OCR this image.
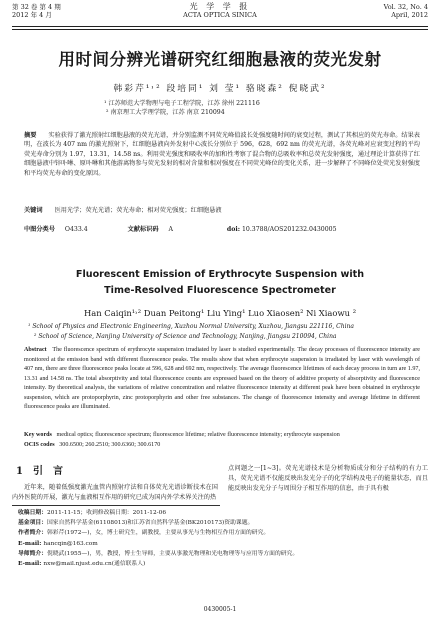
第 32 卷 第 4 期
2012 年 4 月
光 学 学 报
ACTA OPTICA SINICA
Vol. 32, No. 4
April, 2012
用时间分辨光谱研究红细胞悬液的荧光发射
韩彩芹¹˒² 段培同¹ 刘 莹¹ 骆晓森² 倪晓武²
¹ 江苏师范大学物理与电子工程学院，江苏 徐州 221116
² 南京理工大学理学院，江苏 南京 210094
摘要 实验获得了激光照射红细胞悬液的荧光光谱，并分别监测不同荧光峰值波长处强度随时间的衰变过程，测试了其相应的荧光寿命。结果表明，在波长为 407 nm 的激光照射下，红细胞悬液向外发射中心波长分别位于 596，628，692 nm 的荧光光谱，各荧光峰对应衰变过程的平均荧光寿命分别为 1.97，13.31，14.58 ns。利用荧光强度和吸收率的加和性考察了混合物的总吸收率和总荧光发射强度，通过理论计算获得了红细胞悬液中锌卟啉、原卟啉和其他游离物参与荧光发射的相对含量和相对强度在不同荧光峰位的变化关系，进一步解释了不同峰位处荧光发射强度和平均荧光寿命的变化原因。
关键词 医用光学；荧光光谱；荧光寿命；相对荧光强度；红细胞悬液
中图分类号 O433.4	文献标识码 A	doi: 10.3788/AOS201232.0430005
Fluorescent Emission of Erythrocyte Suspension with
Time-Resolved Fluorescence Spectrometer
Han Caiqin¹˒² Duan Peitong¹ Liu Ying¹ Luo Xiaosen² Ni Xiaowu ²
¹ School of Physics and Electronic Engineering, Xuzhou Normal University, Xuzhou, Jiangsu 221116, China
² School of Science, Nanjing University of Science and Technology, Nanjing, Jiangsu 210094, China
Abstract The fluorescence spectrum of erythrocyte suspension irradiated by laser is studied experimentally. The decay processes of fluorescence intensity are monitored at the emission band with different fluorescence peaks. The results show that when erythrocyte suspension is irradiated by laser with wavelength of 407 nm, there are three fluorescence peaks locate at 596, 628 and 692 nm, respectively. The average fluorescence lifetimes of each decay process in turn are 1.97, 13.31 and 14.58 ns. The total absorptivity and total fluorescence counts are expressed based on the theory of additive property of absorptivity and fluorescence intensity. By theoretical analysis, the variations of relative concentration and relative fluorescence intensity at different peak have been obtained in erythrocyte suspension, which are protoporphyrin, zinc protoporphyrin and other free substances. The change of fluorescence intensity and average lifetime in different fluorescence peaks are illuminated.
Key words medical optics; fluorescence spectrum; fluorescence lifetime; relative fluorescence intensity; erythrocyte suspension
OCIS codes 300.6500; 260.2510; 300.6360; 300.6170
1 引言
近年来，随着低强度激光血管内照射疗法和自体荧光光谱诊断技术在国内外医院的开展，激光与血液相互作用的研究已成为国内外学术界关注的热
点问题之一[1~3]。荧光光谱技术是分析物质成分和分子结构的有力工具，荧光光谱不仅能反映出发光分子的化学结构及电子的能量状态，而且能反映出发光分子与周围分子相互作用的信息，由于具有极
收稿日期：2011-11-15；收到修改稿日期：2011-12-06
基金项目：国家自然科学基金(61108013)和江苏省自然科学基金(BK2010173)资助课题。
作者简介：韩彩芹(1972—)，女，博士研究生，副教授，主要从事光与生物相互作用方面的研究。
E-mail: hancqin@163.com
导师简介：倪晓武(1955—)，男，教授，博士生导师，主要从事激光物理和光电物理等与应用等方面的研究。
E-mail: nxw@mail.njust.edu.cn(通信联系人)
0430005-1
